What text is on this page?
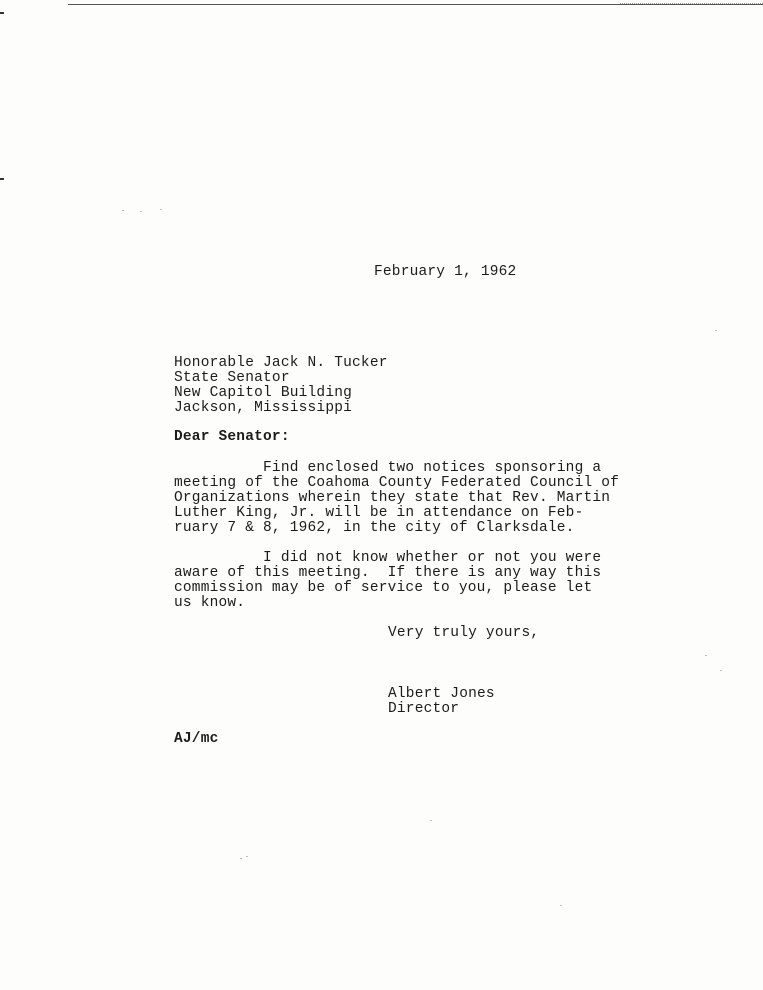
February 1, 1962
Honorable Jack N. Tucker
State Senator
New Capitol Building
Jackson, Mississippi
Dear Senator:
Find enclosed two notices sponsoring a
meeting of the Coahoma County Federated Council of
Organizations wherein they state that Rev. Martin
Luther King, Jr. will be in attendance on Feb-
ruary 7 & 8, 1962, in the city of Clarksdale.
I did not know whether or not you were
aware of this meeting.  If there is any way this
commission may be of service to you, please let
us know.
Very truly yours,
Albert Jones
Director
AJ/mc
